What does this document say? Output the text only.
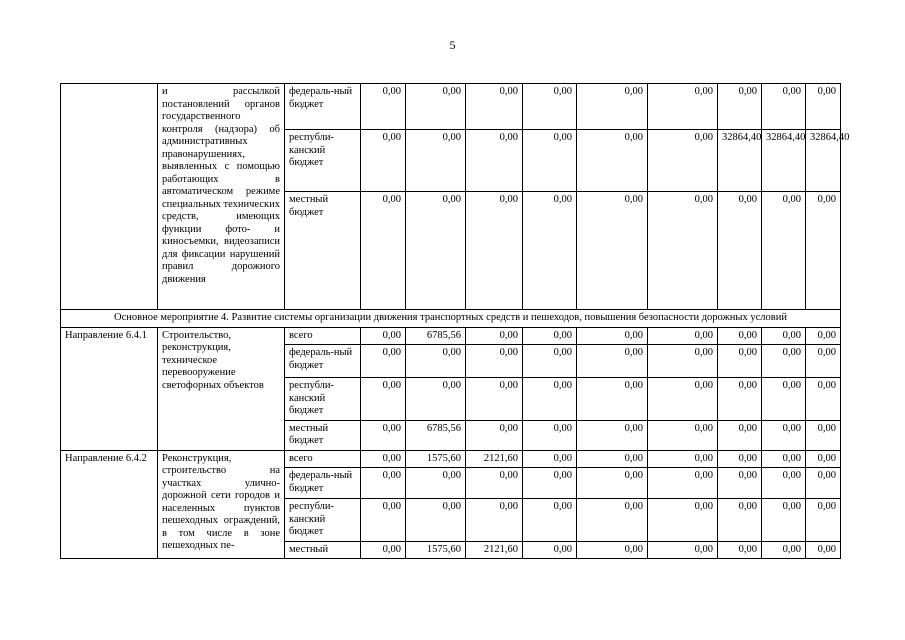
5
	и рассылкой постановлений органов государственного контроля (надзора) об административных правонарушениях, выявленных с помощью работающих в автоматическом режиме специальных технических средств, имеющих функции фото- и киносъемки, видеозаписи для фиксации нарушений правил дорожного движения	федераль-ный бюджет	0,00	0,00	0,00	0,00	0,00	0,00	0,00	0,00	0,00
		республи-канский бюджет	0,00	0,00	0,00	0,00	0,00	0,00	32864,40	32864,40	32864,40
		местный бюджет	0,00	0,00	0,00	0,00	0,00	0,00	0,00	0,00	0,00
Основное мероприятие 4. Развитие системы организации движения транспортных средств и пешеходов, повышения безопасности дорожных условий											
Направление 6.4.1	Строительство, реконструкция, техническое перевооружение светофорных объектов	всего	0,00	6785,56	0,00	0,00	0,00	0,00	0,00	0,00	0,00
		федераль-ный бюджет	0,00	0,00	0,00	0,00	0,00	0,00	0,00	0,00	0,00
		республи-канский бюджет	0,00	0,00	0,00	0,00	0,00	0,00	0,00	0,00	0,00
		местный бюджет	0,00	6785,56	0,00	0,00	0,00	0,00	0,00	0,00	0,00
Направление 6.4.2	Реконструкция, строительство на участках улично-дорожной сети городов и населенных пунктов пешеходных ограждений, в том числе в зоне пешеходных пе-	всего	0,00	1575,60	2121,60	0,00	0,00	0,00	0,00	0,00	0,00
		федераль-ный бюджет	0,00	0,00	0,00	0,00	0,00	0,00	0,00	0,00	0,00
		республи-канский бюджет	0,00	0,00	0,00	0,00	0,00	0,00	0,00	0,00	0,00
		местный	0,00	1575,60	2121,60	0,00	0,00	0,00	0,00	0,00	0,00
